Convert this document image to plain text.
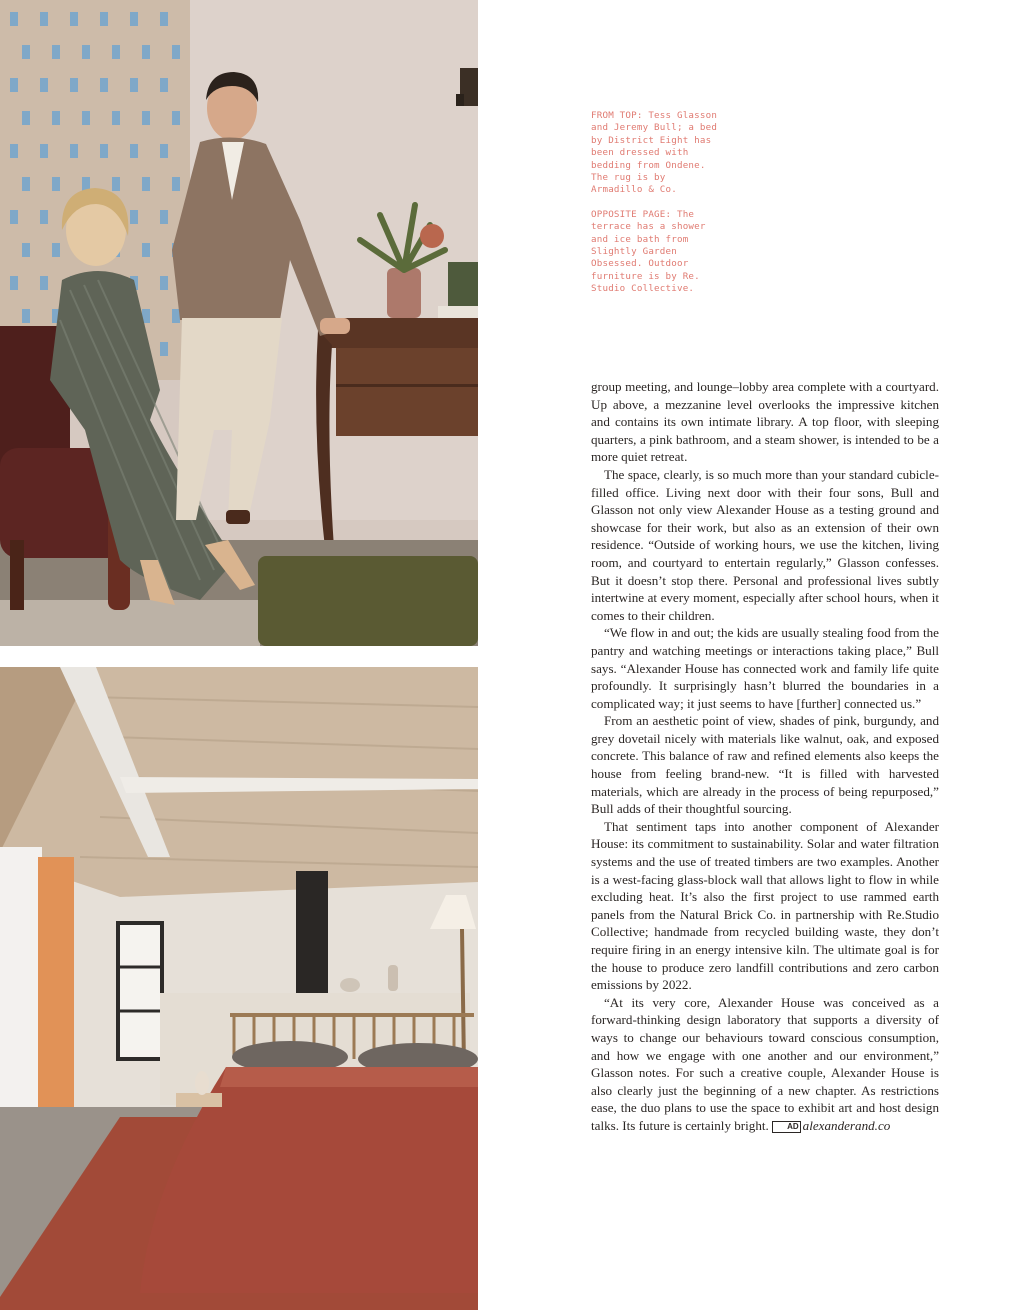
FROM TOP: Tess Glasson and Jeremy Bull; a bed by District Eight has been dressed with bedding from Ondene. The rug is by Armadillo & Co.

OPPOSITE PAGE: The terrace has a shower and ice bath from Slightly Garden Obsessed. Outdoor furniture is by Re. Studio Collective.

group meeting, and lounge–lobby area complete with a courtyard. Up above, a mezzanine level overlooks the impressive kitchen and contains its own intimate library. A top floor, with sleeping quarters, a pink bathroom, and a steam shower, is intended to be a more quiet retreat.

The space, clearly, is so much more than your standard cubicle-filled office. Living next door with their four sons, Bull and Glasson not only view Alexander House as a testing ground and showcase for their work, but also as an extension of their own residence. “Outside of working hours, we use the kitchen, living room, and courtyard to entertain regularly,” Glasson confesses. But it doesn’t stop there. Personal and professional lives subtly intertwine at every moment, especially after school hours, when it comes to their children.

“We flow in and out; the kids are usually stealing food from the pantry and watching meetings or interactions taking place,” Bull says. “Alexander House has connected work and family life quite profoundly. It surprisingly hasn’t blurred the boundaries in a complicated way; it just seems to have [further] connected us.”

From an aesthetic point of view, shades of pink, burgundy, and grey dovetail nicely with materials like walnut, oak, and exposed concrete. This balance of raw and refined elements also keeps the house from feeling brand-new. “It is filled with harvested materials, which are already in the process of being repurposed,” Bull adds of their thoughtful sourcing.

That sentiment taps into another component of Alexander House: its commitment to sustainability. Solar and water filtration systems and the use of treated timbers are two examples. Another is a west-facing glass-block wall that allows light to flow in while excluding heat. It’s also the first project to use rammed earth panels from the Natural Brick Co. in partnership with Re.Studio Collective; handmade from recycled building waste, they don’t require firing in an energy intensive kiln. The ultimate goal is for the house to produce zero landfill contributions and zero carbon emissions by 2022.

“At its very core, Alexander House was conceived as a forward-thinking design laboratory that supports a diversity of ways to change our behaviours toward conscious consumption, and how we engage with one another and our environment,” Glasson notes. For such a creative couple, Alexander House is also clearly just the beginning of a new chapter. As restrictions ease, the duo plans to use the space to exhibit art and host design talks. Its future is certainly bright. AD alexanderand.co
